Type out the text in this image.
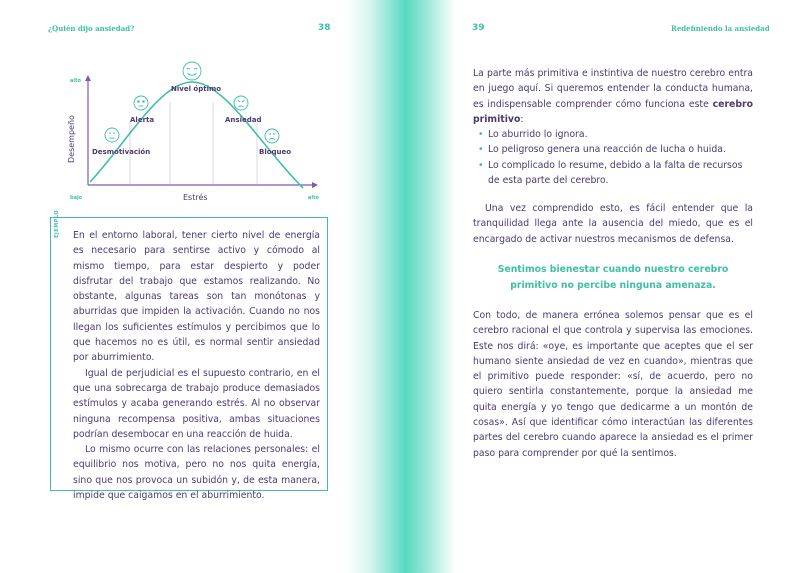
¿Quién dijo ansiedad?	38
Desmotivación
Alerta
Nivel óptimo
Ansiedad
Bloqueo
Desempeño
Estrés
alto
bajo	alto
EJEMPLO En el entorno laboral, tener cierto nivel de energía es necesario para sentirse activo y cómodo al mismo tiempo, para estar despierto y poder disfrutar del trabajo que estamos realizando. No obstante, algunas tareas son tan monótonas y aburridas que impiden la activación. Cuando no nos llegan los suficientes estímulos y percibimos que lo que hacemos no es útil, es normal sentir ansiedad por aburrimiento.

Igual de perjudicial es el supuesto contrario, en el que una sobrecarga de trabajo produce demasiados estímulos y acaba generando estrés. Al no observar ninguna recompensa positiva, ambas situaciones podrían desembocar en una reacción de huida.

Lo mismo ocurre con las relaciones personales: el equilibrio nos motiva, pero no nos quita energía, sino que nos provoca un subidón y, de esta manera, impide que caigamos en el aburrimiento.

39	Redefiniendo la ansiedad

La parte más primitiva e instintiva de nuestro cerebro entra en juego aquí. Si queremos entender la conducta humana, es indispensable comprender cómo funciona este cerebro primitivo:

• Lo aburrido lo ignora.
• Lo peligroso genera una reacción de lucha o huida.
• Lo complicado lo resume, debido a la falta de recursos de esta parte del cerebro.

Una vez comprendido esto, es fácil entender que la tranquilidad llega ante la ausencia del miedo, que es el encargado de activar nuestros mecanismos de defensa.

Sentimos bienestar cuando nuestro cerebro primitivo no percibe ninguna amenaza.

Con todo, de manera errónea solemos pensar que es el cerebro racional el que controla y supervisa las emociones. Este nos dirá: «oye, es importante que aceptes que el ser humano siente ansiedad de vez en cuando», mientras que el primitivo puede responder: «sí, de acuerdo, pero no quiero sentirla constantemente, porque la ansiedad me quita energía y yo tengo que dedicarme a un montón de cosas». Así que identificar cómo interactúan las diferentes partes del cerebro cuando aparece la ansiedad es el primer paso para comprender por qué la sentimos.
